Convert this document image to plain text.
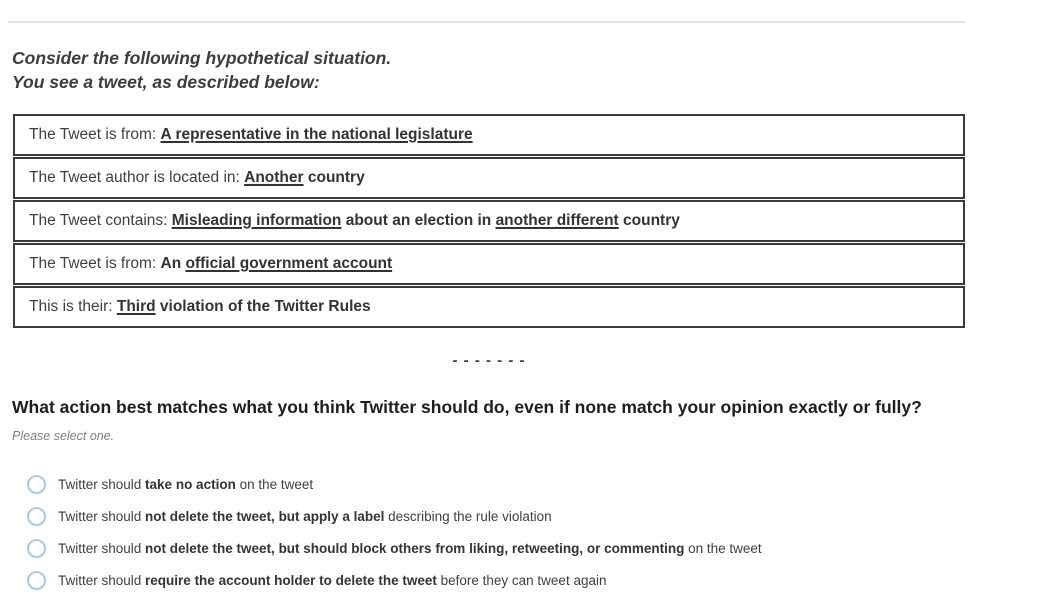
Consider the following hypothetical situation.
You see a tweet, as described below:
The Tweet is from: A representative in the national legislature
The Tweet author is located in: Another country
The Tweet contains: Misleading information about an election in another different country
The Tweet is from: An official government account
This is their: Third violation of the Twitter Rules
- - - - - - -
What action best matches what you think Twitter should do, even if none match your opinion exactly or fully?
Please select one.
Twitter should take no action on the tweet
Twitter should not delete the tweet, but apply a label describing the rule violation
Twitter should not delete the tweet, but should block others from liking, retweeting, or commenting on the tweet
Twitter should require the account holder to delete the tweet before they can tweet again
